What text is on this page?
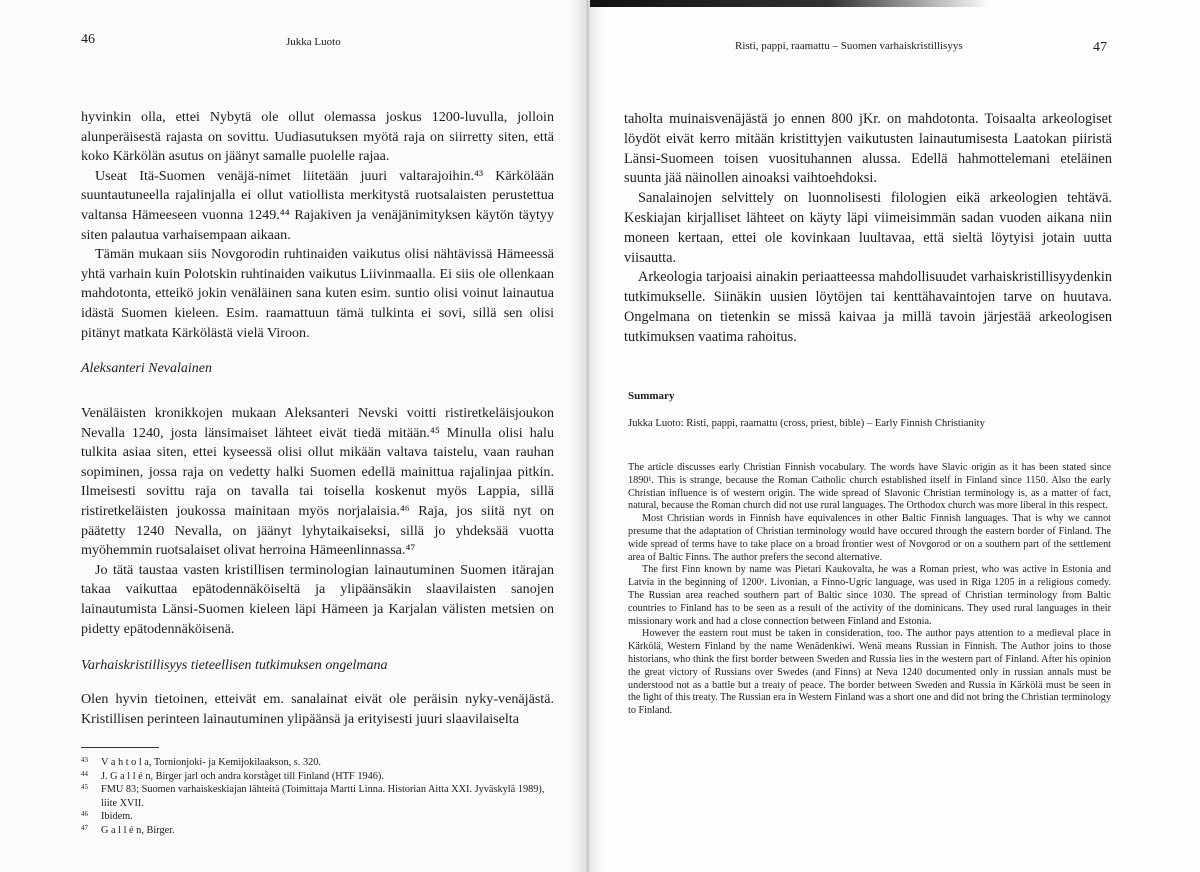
46	Jukka Luoto

hyvinkin olla, ettei Nybytä ole ollut olemassa joskus 1200-luvulla, jolloin alunperäisestä rajasta on sovittu. Uudiasutuksen myötä raja on siirretty siten, että koko Kärkölän asutus on jäänyt samalle puolelle rajaa.

Useat Itä-Suomen venäjä-nimet liitetään juuri valtarajoihin.⁴³ Kärkölään suuntautuneella rajalinjalla ei ollut vatiollista merkitystä ruotsalaisten perustettua valtansa Hämeeseen vuonna 1249.⁴⁴ Rajakiven ja venäjänimityksen käytön täytyy siten palautua varhaisempaan aikaan.

Tämän mukaan siis Novgorodin ruhtinaiden vaikutus olisi nähtävissä Hämeessä yhtä varhain kuin Polotskin ruhtinaiden vaikutus Liivinmaalla. Ei siis ole ollenkaan mahdotonta, etteikö jokin venäläinen sana kuten esim. suntio olisi voinut lainautua idästä Suomen kieleen. Esim. raamattuun tämä tulkinta ei sovi, sillä sen olisi pitänyt matkata Kärkölästä vielä Viroon.

Aleksanteri Nevalainen

Venäläisten kronikkojen mukaan Aleksanteri Nevski voitti ristiretkeläisjoukon Nevalla 1240, josta länsimaiset lähteet eivät tiedä mitään.⁴⁵ Minulla olisi halu tulkita asiaa siten, ettei kyseessä olisi ollut mikään valtava taistelu, vaan rauhan sopiminen, jossa raja on vedetty halki Suomen edellä mainittua rajalinjaa pitkin. Ilmeisesti sovittu raja on tavalla tai toisella koskenut myös Lappia, sillä ristiretkeläisten joukossa mainitaan myös norjalaisia.⁴⁶ Raja, jos siitä nyt on päätetty 1240 Nevalla, on jäänyt lyhytaikaiseksi, sillä jo yhdeksää vuotta myöhemmin ruotsalaiset olivat herroina Hämeenlinnassa.⁴⁷

Jo tätä taustaa vasten kristillisen terminologian lainautuminen Suomen itärajan takaa vaikuttaa epätodennäköiseltä ja ylipäänsäkin slaavilaisten sanojen lainautumista Länsi-Suomen kieleen läpi Hämeen ja Karjalan välisten metsien on pidetty epätodennäköisenä.

Varhaiskristillisyys tieteellisen tutkimuksen ongelmana

Olen hyvin tietoinen, etteivät em. sanalainat eivät ole peräisin nyky-venäjästä. Kristillisen perinteen lainautuminen ylipäänsä ja erityisesti juuri slaavilaiselta

43 V a h t o l a, Tornionjoki- ja Kemijokilaakson, s. 320.
44 J. G a l l é n, Birger jarl och andra korståget till Finland (HTF 1946).
45 FMU 83; Suomen varhaiskeskiajan lähteitä (Toimittaja Martti Linna. Historian Aitta XXI. Jyväskylä 1989), liite XVII.
46 Ibidem.
47 G a l l é n, Birger.
Risti, pappi, raamattu – Suomen varhaiskristillisyys	47

taholta muinaisvenäjästä jo ennen 800 jKr. on mahdotonta. Toisaalta arkeologiset löydöt eivät kerro mitään kristittyjen vaikutusten lainautumisesta Laatokan piiristä Länsi-Suomeen toisen vuosituhannen alussa. Edellä hahmottelemani eteläinen suunta jää näinollen ainoaksi vaihtoehdoksi.

Sanalainojen selvittely on luonnolisesti filologien eikä arkeologien tehtävä. Keskiajan kirjalliset lähteet on käyty läpi viimeisimmän sadan vuoden aikana niin moneen kertaan, ettei ole kovinkaan luultavaa, että sieltä löytyisi jotain uutta viisautta.

Arkeologia tarjoaisi ainakin periaatteessa mahdollisuudet varhaiskristillisyydenkin tutkimukselle. Siinäkin uusien löytöjen tai kenttähavaintojen tarve on huutava. Ongelmana on tietenkin se missä kaivaa ja millä tavoin järjestää arkeologisen tutkimuksen vaatima rahoitus.

Summary
Jukka Luoto: Risti, pappi, raamattu (cross, priest, bible) – Early Finnish Christianity

The article discusses early Christian Finnish vocabulary. The words have Slavic origin as it has been stated since 1890¹. This is strange, because the Roman Catholic church established itself in Finland since 1150. Also the early Christian influence is of western origin. The wide spread of Slavonic Christian terminology is, as a matter of fact, natural, because the Roman church did not use rural languages. The Orthodox church was more liberal in this respect.

Most Christian words in Finnish have equivalences in other Baltic Finnish languages. That is why we cannot presume that the adaptation of Christian terminology would have occured through the eastern border of Finland. The wide spread of terms have to take place on a broad frontier west of Novgorod or on a southern part of the settlement area of Baltic Finns. The author prefers the second alternative.

The first Finn known by name was Pietari Kaukovalta, he was a Roman priest, who was active in Estonia and Latvia in the beginning of 1200ᵉ. Livonian, a Finno-Ugric language, was used in Riga 1205 in a religious comedy. The Russian area reached southern part of Baltic since 1030. The spread of Christian terminology from Baltic countries to Finland has to be seen as a result of the activity of the dominicans. They used rural languages in their missionary work and had a close connection between Finland and Estonia.

However the eastern rout must be taken in consideration, too. The author pays attention to a medieval place in Kärkölä, Western Finland by the name Wenädenkiwi. Wenä means Russian in Finnish. The Author joins to those historians, who think the first border between Sweden and Russia lies in the western part of Finland. After his opinion the great victory of Russians over Swedes (and Finns) at Neva 1240 documented only in russian annals must be understood not as a battle but a treaty of peace. The border between Sweden and Russia in Kärkölä must be seen in the light of this treaty. The Russian era in Western Finland was a short one and did not bring the Christian terminology to Finland.
